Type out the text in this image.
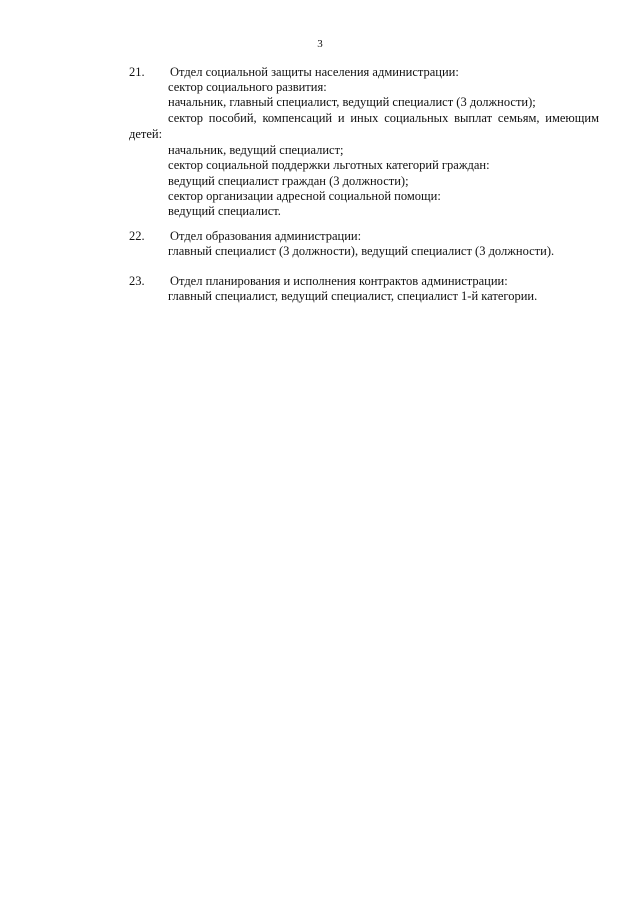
3
21. Отдел социальной защиты населения администрации:
сектор социального развития:
начальник, главный специалист, ведущий специалист (3 должности);
сектор пособий, компенсаций и иных социальных выплат семьям, имеющим
детей:
начальник, ведущий специалист;
сектор социальной поддержки льготных категорий граждан:
ведущий специалист граждан (3 должности);
сектор организации адресной социальной помощи:
ведущий специалист.
22. Отдел образования администрации:
главный специалист (3 должности), ведущий специалист (3 должности).
23. Отдел планирования и исполнения контрактов администрации:
главный специалист, ведущий специалист, специалист 1-й категории.
